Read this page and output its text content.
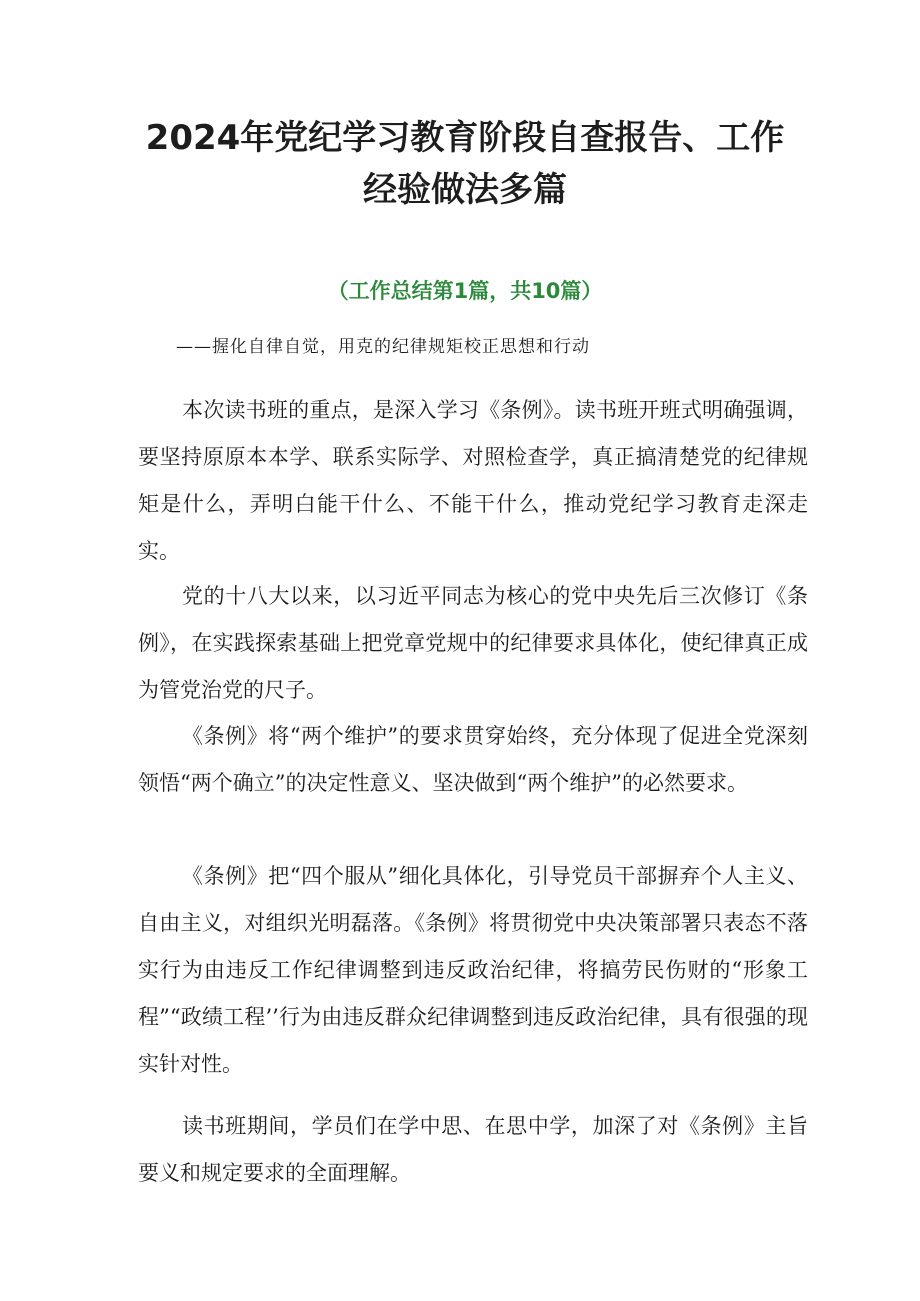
2024年党纪学习教育阶段自查报告、工作
经验做法多篇

（工作总结第1篇，共10篇）

——握化自律自觉，用克的纪律规矩校正思想和行动

本次读书班的重点，是深入学习《条例》。读书班开班式明确强调，要坚持原原本本学、联系实际学、对照检查学，真正搞清楚党的纪律规矩是什么，弄明白能干什么、不能干什么，推动党纪学习教育走深走实。

党的十八大以来，以习近平同志为核心的党中央先后三次修订《条例》，在实践探索基础上把党章党规中的纪律要求具体化，使纪律真正成为管党治党的尺子。

《条例》将“两个维护”的要求贯穿始终，充分体现了促进全党深刻领悟“两个确立”的决定性意义、坚决做到“两个维护”的必然要求。

《条例》把“四个服从”细化具体化，引导党员干部摒弃个人主义、自由主义，对组织光明磊落。《条例》将贯彻党中央决策部署只表态不落实行为由违反工作纪律调整到违反政治纪律，将搞劳民伤财的“形象工程”“政绩工程’’行为由违反群众纪律调整到违反政治纪律，具有很强的现实针对性。

读书班期间，学员们在学中思、在思中学，加深了对《条例》主旨要义和规定要求的全面理解。
